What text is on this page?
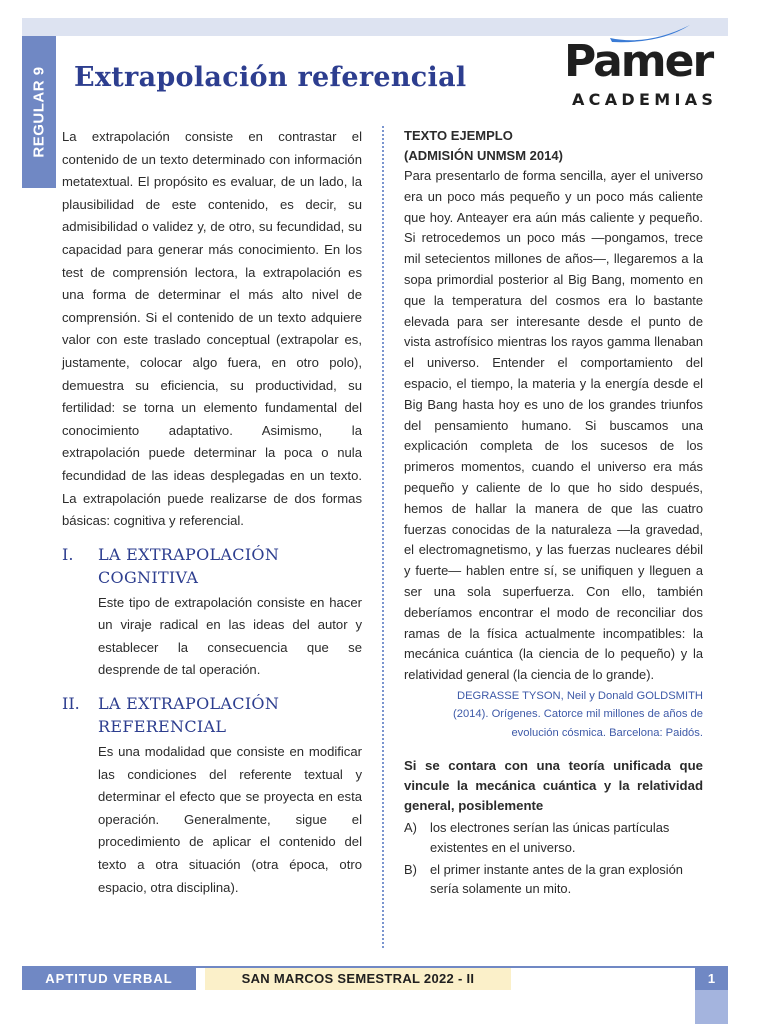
REGULAR 9 Extrapolación referencial Pamer
ACADEMIAS

La extrapolación consiste en contrastar el contenido de un texto determinado con información metatextual. El propósito es evaluar, de un lado, la plausibilidad de este contenido, es decir, su admisibilidad o validez y, de otro, su fecundidad, su capacidad para generar más conocimiento. En los test de comprensión lectora, la extrapolación es una forma de determinar el más alto nivel de comprensión. Si el contenido de un texto adquiere valor con este traslado conceptual (extrapolar es, justamente, colocar algo fuera, en otro polo), demuestra su eficiencia, su productividad, su fertilidad: se torna un elemento fundamental del conocimiento adaptativo. Asimismo, la extrapolación puede determinar la poca o nula fecundidad de las ideas desplegadas en un texto. La extrapolación puede realizarse de dos formas básicas: cognitiva y referencial.

I.	LA EXTRAPOLACIÓN COGNITIVA

Este tipo de extrapolación consiste en hacer un viraje radical en las ideas del autor y establecer la consecuencia que se desprende de tal operación.

II.	LA EXTRAPOLACIÓN REFERENCIAL

Es una modalidad que consiste en modificar las condiciones del referente textual y determinar el efecto que se proyecta en esta operación. Generalmente, sigue el procedimiento de aplicar el contenido del texto a otra situación (otra época, otro espacio, otra disciplina).

TEXTO EJEMPLO
(ADMISIÓN UNMSM 2014)

Para presentarlo de forma sencilla, ayer el universo era un poco más pequeño y un poco más caliente que hoy. Anteayer era aún más caliente y pequeño. Si retrocedemos un poco más —pongamos, trece mil setecientos millones de años—, llegaremos a la sopa primordial posterior al Big Bang, momento en que la temperatura del cosmos era lo bastante elevada para ser interesante desde el punto de vista astrofísico mientras los rayos gamma llenaban el universo. Entender el comportamiento del espacio, el tiempo, la materia y la energía desde el Big Bang hasta hoy es uno de los grandes triunfos del pensamiento humano. Si buscamos una explicación completa de los sucesos de los primeros momentos, cuando el universo era más pequeño y caliente de lo que ho sido después, hemos de hallar la manera de que las cuatro fuerzas conocidas de la naturaleza —la gravedad, el electromagnetismo, y las fuerzas nucleares débil y fuerte— hablen entre sí, se unifiquen y lleguen a ser una sola superfuerza. Con ello, también deberíamos encontrar el modo de reconciliar dos ramas de la física actualmente incompatibles: la mecánica cuántica (la ciencia de lo pequeño) y la relatividad general (la ciencia de lo grande).

DEGRASSE TYSON, Neil y Donald GOLDSMITH
(2014). Orígenes. Catorce mil millones de años de evolución cósmica. Barcelona: Paidós.

Si se contara con una teoría unificada que vincule la mecánica cuántica y la relatividad general, posiblemente

A)	los electrones serían las únicas partículas existentes en el universo.
B)	el primer instante antes de la gran explosión sería solamente un mito.
APTITUD VERBAL	SAN MARCOS SEMESTRAL 2022 - II	1
